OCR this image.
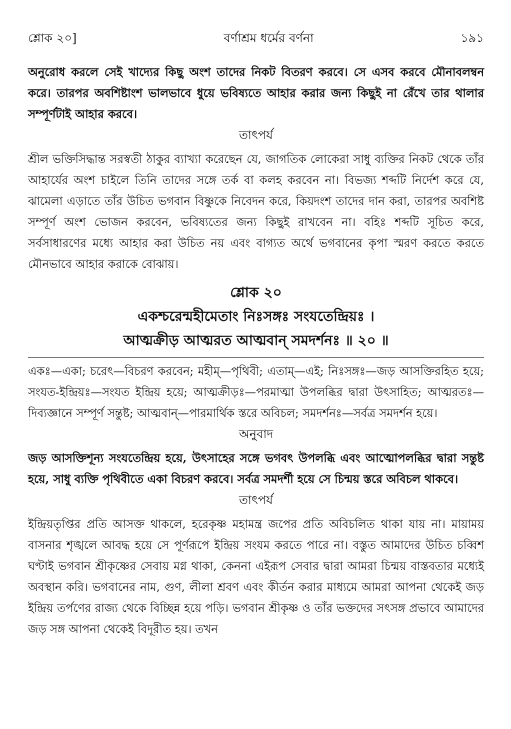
শ্লোক ২০]	বর্ণাশ্রম ধর্মের বর্ণনা	১৯১

অনুরোধ করলে সেই খাদ্যের কিছু অংশ তাদের নিকট বিতরণ করবে। সে এসব করবে মৌনাবলম্বন করে। তারপর অবশিষ্টাংশ ভালভাবে ধুয়ে ভবিষ্যতে আহার করার জন্য কিছুই না রেঁখে তার থালার সম্পূর্ণটাই আহার করবে।

তাৎপর্য

শ্রীল ভক্তিসিদ্ধান্ত সরস্বতী ঠাকুর ব্যাখ্যা করেছেন যে, জাগতিক লোকেরা সাধু ব্যক্তির নিকট থেকে তাঁর আহার্যের অংশ চাইলে তিনি তাদের সঙ্গে তর্ক বা কলহ করবেন না। বিভজ্য শব্দটি নির্দেশ করে যে, ঝামেলা এড়াতে তাঁর উচিত ভগবান বিষ্ণুকে নিবেদন করে, কিয়দংশ তাদের দান করা, তারপর অবশিষ্ট সম্পূর্ণ অংশ ভোজন করবেন, ভবিষ্যতের জন্য কিছুই রাখবেন না। বহিঃ শব্দটি সূচিত করে, সর্বসাধারণের মধ্যে আহার করা উচিত নয় এবং বাগ্যত অর্থে ভগবানের কৃপা স্মরণ করতে করতে মৌনভাবে আহার করাকে বোঝায়।

শ্লোক ২০
একশ্চরেন্মহীমেতাং নিঃসঙ্গঃ সংযতেন্দ্রিয়ঃ ।
আত্মক্রীড় আত্মরত আত্মবান্ সমদর্শনঃ ॥ ২০ ॥

একঃ—একা; চরেৎ—বিচরণ করবেন; মহীম্—পৃথিবী; এতাম্—এই; নিঃসঙ্গঃ—জড় আসক্তিরহিত হয়ে; সংযত-ইন্দ্রিয়ঃ—সংযত ইন্দ্রিয় হয়ে; আত্মক্রীড়ঃ—পরমাত্মা উপলব্ধির দ্বারা উৎসাহিত; আত্মরতঃ—দিব্যজ্ঞানে সম্পূর্ণ সন্তুষ্ট; আত্মবান্—পারমার্থিক স্তরে অবিচল; সমদর্শনঃ—সর্বত্র সমদর্শন হয়ে।

অনুবাদ

জড় আসক্তিশূন্য সংযতেন্দ্রিয় হয়ে, উৎসাহের সঙ্গে ভগবৎ উপলব্ধি এবং আত্মোপলব্ধির দ্বারা সন্তুষ্ট হয়ে, সাধু ব্যক্তি পৃথিবীতে একা বিচরণ করবে। সর্বত্র সমদর্শী হয়ে সে চিন্ময় স্তরে অবিচল থাকবে।

তাৎপর্য

ইন্দ্রিয়তৃপ্তির প্রতি আসক্ত থাকলে, হরেকৃষ্ণ মহামন্ত্র জপের প্রতি অবিচলিত থাকা যায় না। মায়াময় বাসনার শৃঙ্খলে আবদ্ধ হয়ে সে পূর্ণরূপে ইন্দ্রিয় সংযম করতে পারে না। বস্তুত আমাদের উচিত চব্বিশ ঘণ্টাই ভগবান শ্রীকৃষ্ণের সেবায় মগ্ন থাকা, কেননা এইরূপ সেবার দ্বারা আমরা চিন্ময় বাস্তবতার মধ্যেই অবস্থান করি। ভগবানের নাম, গুণ, লীলা শ্রবণ এবং কীর্তন করার মাধ্যমে আমরা আপনা থেকেই জড় ইন্দ্রিয় তর্পণের রাজ্য থেকে বিচ্ছিন্ন হয়ে পড়ি। ভগবান শ্রীকৃষ্ণ ও তাঁর ভক্তদের সৎসঙ্গ প্রভাবে আমাদের জড় সঙ্গ আপনা থেকেই বিদূরীত হয়। তখন
